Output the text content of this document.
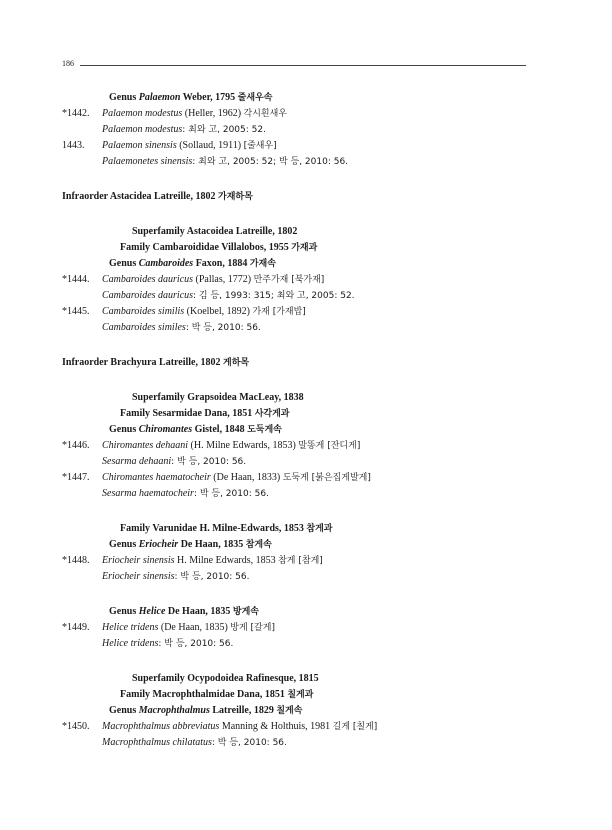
186
Genus Palaemon Weber, 1795 줄새우속
*1442.	Palaemon modestus (Heller, 1962) 각시흰새우
Palaemon modestus: 최와 고, 2005: 52.
1443.	Palaemon sinensis (Sollaud, 1911) [줄새우]
Palaemonetes sinensis: 최와 고, 2005: 52; 박 등, 2010: 56.
Infraorder Astacidea Latreille, 1802 가재하목
Superfamily Astacoidea Latreille, 1802
Family Cambaroididae Villalobos, 1955 가재과
Genus Cambaroides Faxon, 1884 가재속
*1444.	Cambaroides dauricus (Pallas, 1772) 만주가재 [북가재]
Cambaroides dauricus: 김 등, 1993: 315; 최와 고, 2005: 52.
*1445.	Cambaroides similis (Koelbel, 1892) 가재 [가재밥]
Cambaroides similes: 박 등, 2010: 56.
Infraorder Brachyura Latreille, 1802 게하목
Superfamily Grapsoidea MacLeay, 1838
Family Sesarmidae Dana, 1851 사각게과
Genus Chiromantes Gistel, 1848 도둑게속
*1446.	Chiromantes dehaani (H. Milne Edwards, 1853) 말똥게 [잔디게]
Sesarma dehaani: 박 등, 2010: 56.
*1447.	Chiromantes haematocheir (De Haan, 1833) 도둑게 [붉은집게발게]
Sesarma haematocheir: 박 등, 2010: 56.
Family Varunidae H. Milne-Edwards, 1853 참게과
Genus Eriocheir De Haan, 1835 참게속
*1448.	Eriocheir sinensis H. Milne Edwards, 1853 참게 [참게]
Eriocheir sinensis: 박 등, 2010: 56.
Genus Helice De Haan, 1835 방게속
*1449.	Helice tridens (De Haan, 1835) 방게 [갈게]
Helice tridens: 박 등, 2010: 56.
Superfamily Ocypodoidea Rafinesque, 1815
Family Macrophthalmidae Dana, 1851 칠게과
Genus Macrophthalmus Latreille, 1829 칠게속
*1450.	Macrophthalmus abbreviatus Manning & Holthuis, 1981 길게 [칠게]
Macrophthalmus chilatatus: 박 등, 2010: 56.
